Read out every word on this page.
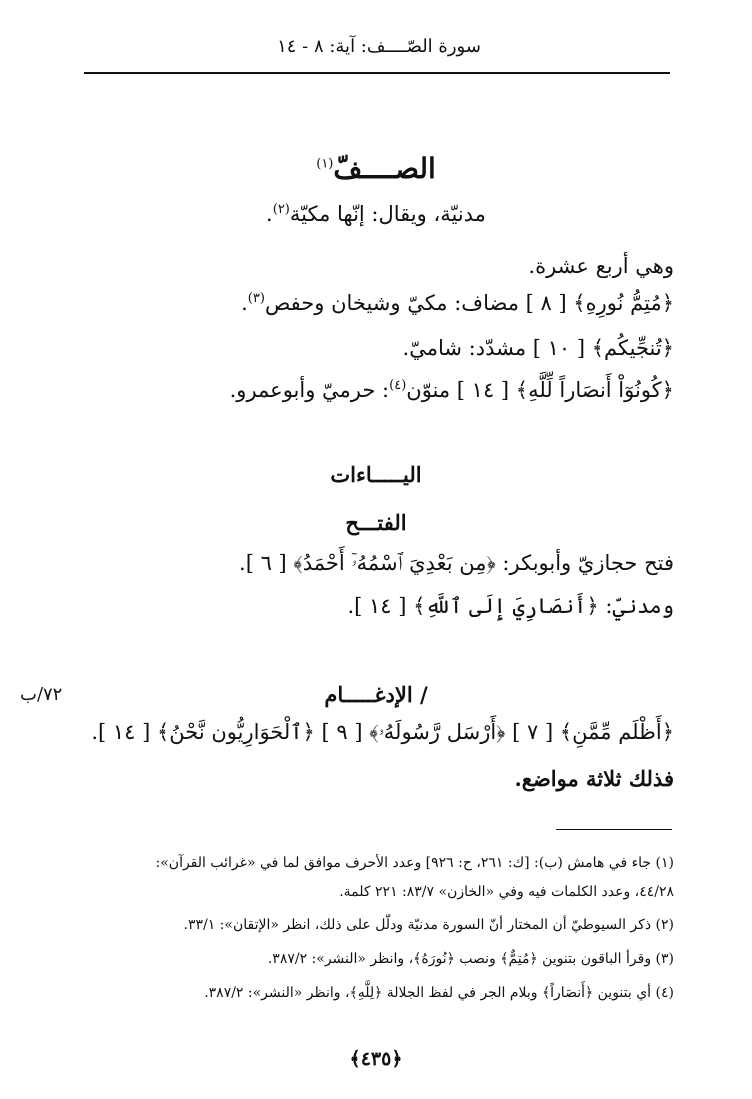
سورة الصّــــف: آية: ٨ - ١٤
الصــــفّ$^{(١)}$
مدنيّة، ويقال: إنّها مكيّة$^{(٢)}$.
وهي أربع عشرة.
﴿مُتِمُّ نُورِهِ﴾ [ ٨ ] مضاف: مكيّ وشيخان وحفص$^{(٣)}$.
﴿تُنجِّيكُم﴾ [ ١٠ ] مشدّد: شاميّ.
﴿كُونُوٓاْ أَنصَاراً لِّلَّهِ﴾ [ ١٤ ] منوّن$^{(٤)}$: حرميّ وأبوعمرو.
اليـــــاءات
الفتـــح
فتح حجازيّ وأبوبكر: ﴿مِن بَعْدِيَ ٱسْمُهُۥٓ أَحْمَدُ﴾ [ ٦ ].
ومدنيّ: ﴿أَنصَارِيَ إِلَى ٱللَّهِ﴾ [ ١٤ ].
/ الإدغـــــام
٧٢/ب
﴿أَظْلَم مِّمَّنِ﴾ [ ٧ ] ﴿أَرْسَل رَّسُولَهُۥ﴾ [ ٩ ] ﴿ٱلْحَوَارِيُّون نَّحْنُ﴾ [ ١٤ ].
فذلك ثلاثة مواضع.
(١) جاء في هامش (ب): [ك: ٢٦١، ح: ٩٢٦] وعدد الأحرف موافق لما في «غرائب القرآن»:
٤٤/٢٨، وعدد الكلمات فيه وفي «الخازن» ٨٣/٧: ٢٢١ كلمة.
(٢) ذكر السيوطيّ أن المختار أنّ السورة مدنيّة ودلّل على ذلك، انظر «الإتقان»: ٣٣/١.
(٣) وقرأ الباقون بتنوين ﴿مُتِمٌّ﴾ ونصب ﴿نُورَهُ﴾، وانظر «النشر»: ٣٨٧/٢.
(٤) أي بتنوين ﴿أَنصَاراً﴾ وبلام الجر في لفظ الجلالة ﴿لِلَّهِ﴾، وانظر «النشر»: ٣٨٧/٢.
﴿٤٣٥﴾
